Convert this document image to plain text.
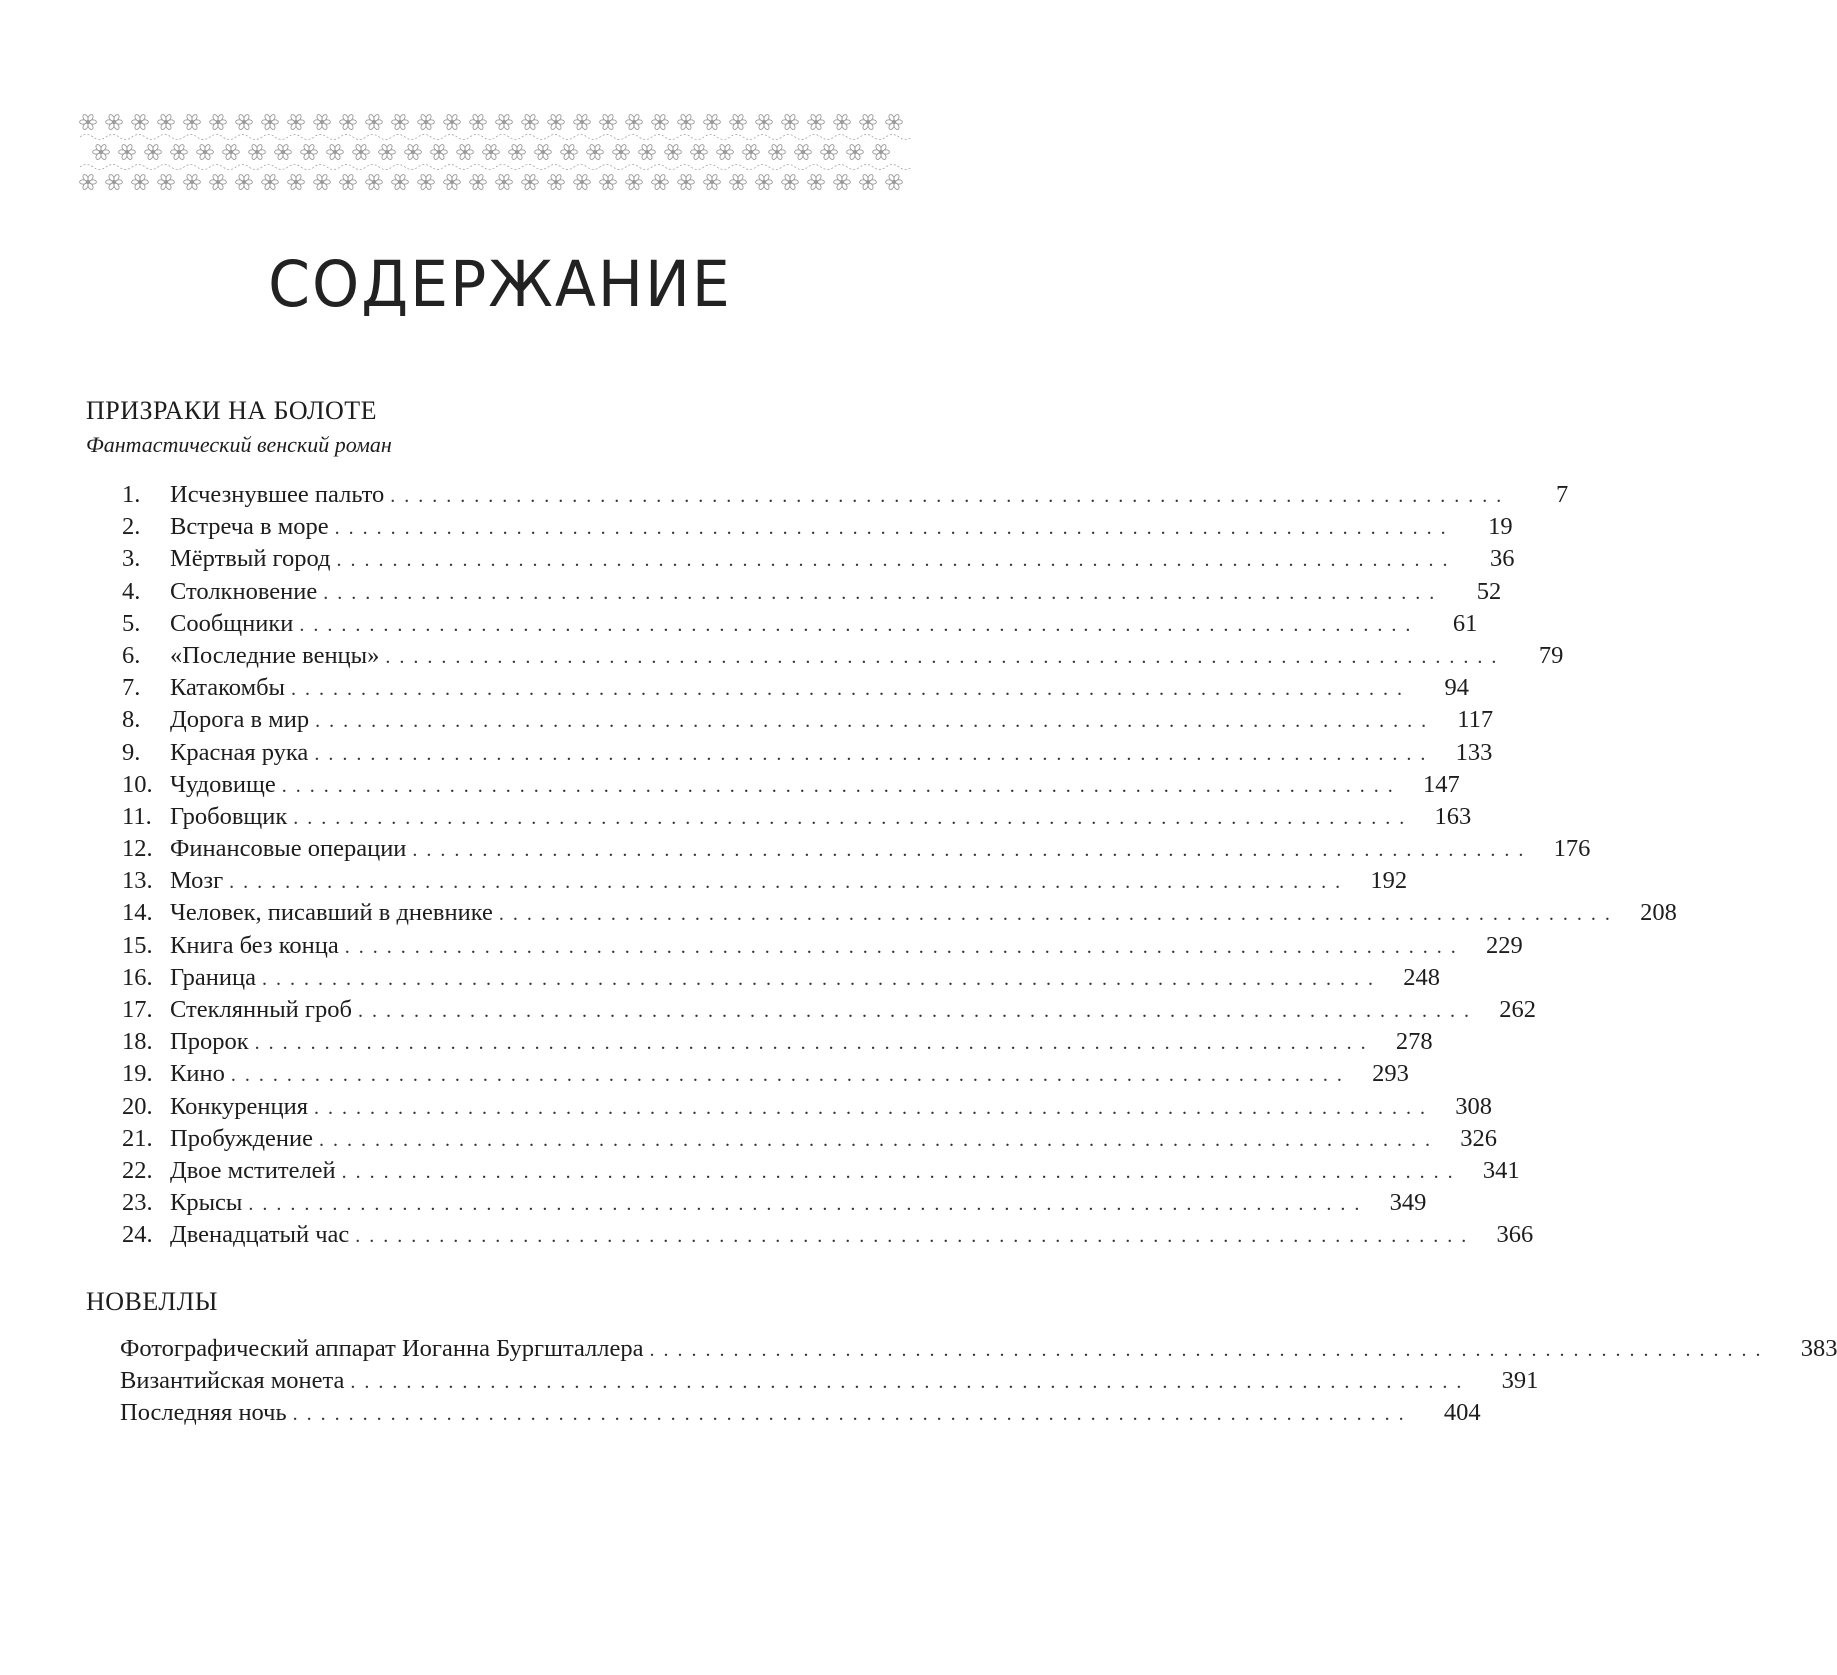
СОДЕРЖАНИЕ
ПРИЗРАКИ НА БОЛОТЕ
Фантастический венский роман
1.	Исчезнувшее пальто ................................................................................	7
2.	Встреча в море ................................................................................	19
3.	Мёртвый город ................................................................................	36
4.	Столкновение ................................................................................	52
5.	Сообщники ................................................................................	61
6.	«Последние венцы» ................................................................................	79
7.	Катакомбы ................................................................................	94
8.	Дорога в мир ................................................................................ 117
9.	Красная рука ................................................................................ 133
10. Чудовище ................................................................................ 147
11. Гробовщик ................................................................................ 163
12. Финансовые операции ................................................................................ 176
13. Мозг ................................................................................ 192
14. Человек, писавший в дневнике ................................................................................ 208
15. Книга без конца ................................................................................ 229
16. Граница ................................................................................ 248
17. Стеклянный гроб ................................................................................ 262
18. Пророк ................................................................................ 278
19. Кино ................................................................................ 293
20. Конкуренция ................................................................................ 308
21. Пробуждение ................................................................................ 326
22. Двое мстителей ................................................................................ 341
23. Крысы ................................................................................ 349
24. Двенадцатый час ................................................................................ 366
НОВЕЛЛЫ
Фотографический аппарат Иоганна Бургшталлера ................................................................................ 383
Византийская монета ................................................................................ 391
Последняя ночь ................................................................................ 404
